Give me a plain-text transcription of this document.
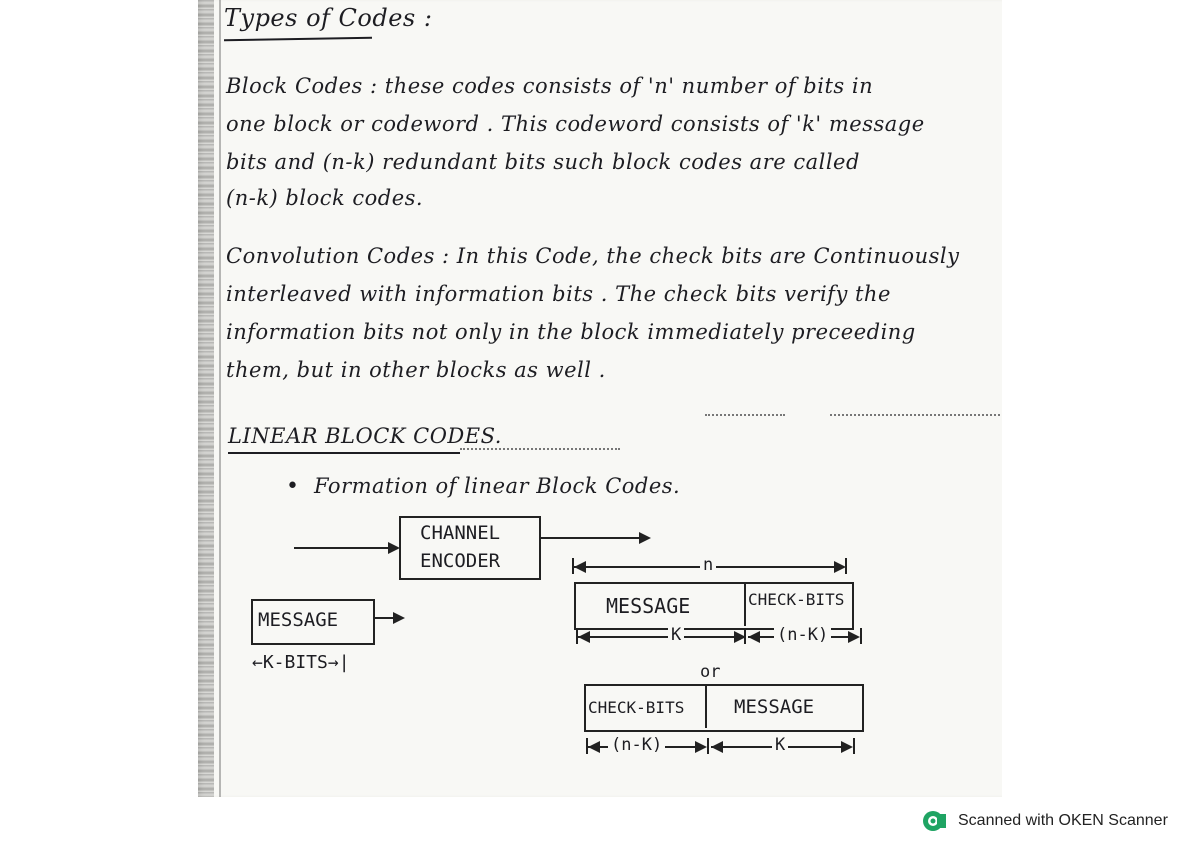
Types of Codes :
Block Codes : these codes consists of 'n' number of bits in
one block or codeword . This codeword consists of 'k' message
bits and (n-k) redundant bits such block codes are called
(n-k) block codes.
Convolution Codes : In this Code, the check bits are Continuously
interleaved with information bits . The check bits verify the
information bits not only in the block immediately preceeding
them, but in other blocks as well .
LINEAR BLOCK CODES.
• Formation of linear Block Codes.
CHANNEL
ENCODER
MESSAGE
←K-BITS→|
n
MESSAGE	CHECK-BITS
K	(n-K)
or
CHECK-BITS	MESSAGE
(n-K)	K
Scanned with OKEN Scanner
